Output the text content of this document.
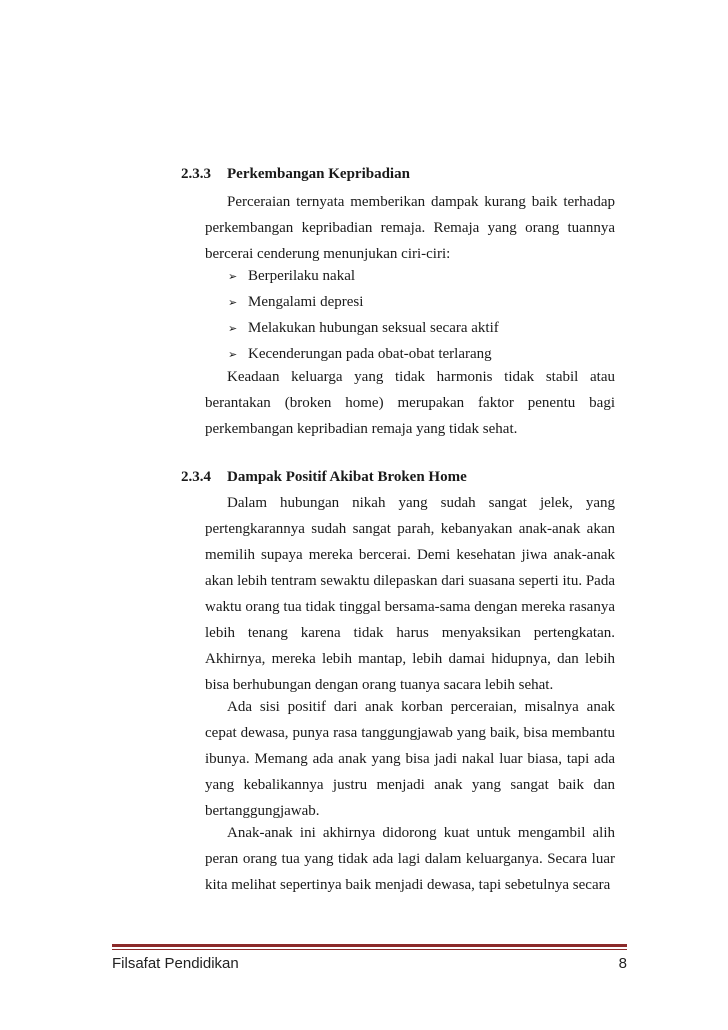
2.3.3 Perkembangan Kepribadian

Perceraian ternyata memberikan dampak kurang baik terhadap perkembangan kepribadian remaja. Remaja yang orang tuannya bercerai cenderung menunjukan ciri-ciri:

➢ Berperilaku nakal
➢ Mengalami depresi
➢ Melakukan hubungan seksual secara aktif
➢ Kecenderungan pada obat-obat terlarang

Keadaan keluarga yang tidak harmonis tidak stabil atau berantakan (broken home) merupakan faktor penentu bagi perkembangan kepribadian remaja yang tidak sehat.

2.3.4 Dampak Positif Akibat Broken Home

Dalam hubungan nikah yang sudah sangat jelek, yang pertengkarannya sudah sangat parah, kebanyakan anak-anak akan memilih supaya mereka bercerai. Demi kesehatan jiwa anak-anak akan lebih tentram sewaktu dilepaskan dari suasana seperti itu. Pada waktu orang tua tidak tinggal bersama-sama dengan mereka rasanya lebih tenang karena tidak harus menyaksikan pertengkatan. Akhirnya, mereka lebih mantap, lebih damai hidupnya, dan lebih bisa berhubungan dengan orang tuanya sacara lebih sehat.

Ada sisi positif dari anak korban perceraian, misalnya anak cepat dewasa, punya rasa tanggungjawab yang baik, bisa membantu ibunya. Memang ada anak yang bisa jadi nakal luar biasa, tapi ada yang kebalikannya justru menjadi anak yang sangat baik dan bertanggungjawab.

Anak-anak ini akhirnya didorong kuat untuk mengambil alih peran orang tua yang tidak ada lagi dalam keluarganya. Secara luar kita melihat sepertinya baik menjadi dewasa, tapi sebetulnya secara

Filsafat Pendidikan	8
